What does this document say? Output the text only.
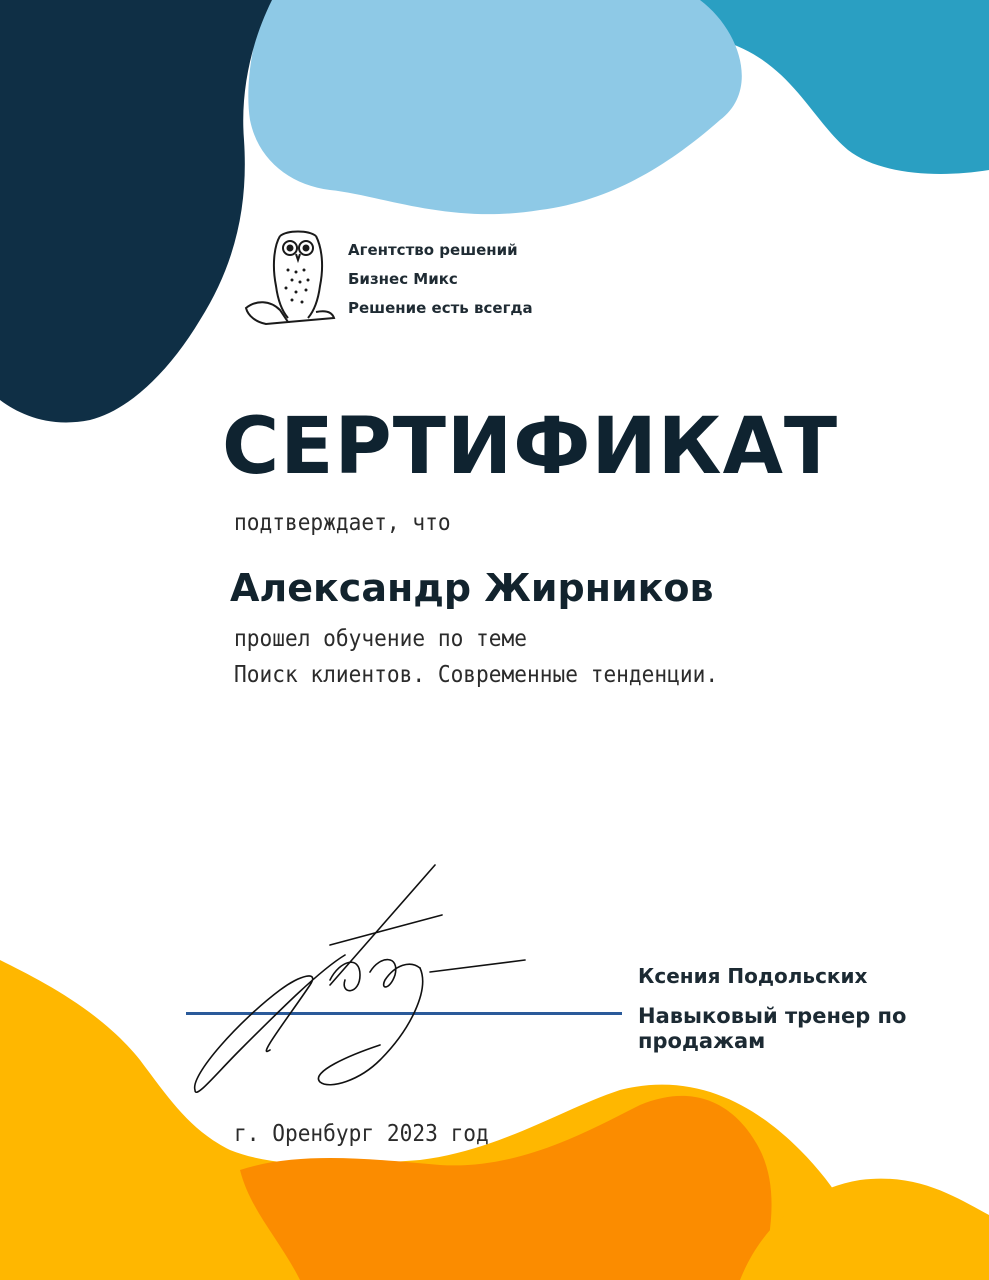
Агентство решений
Бизнес Микс
Решение есть всегда
СЕРТИФИКАТ
подтверждает, что
Александр Жирников
прошел обучение по теме
Поиск клиентов. Современные тенденции.
Ксения Подольских
Навыковый тренер по продажам
г. Оренбург 2023 год
